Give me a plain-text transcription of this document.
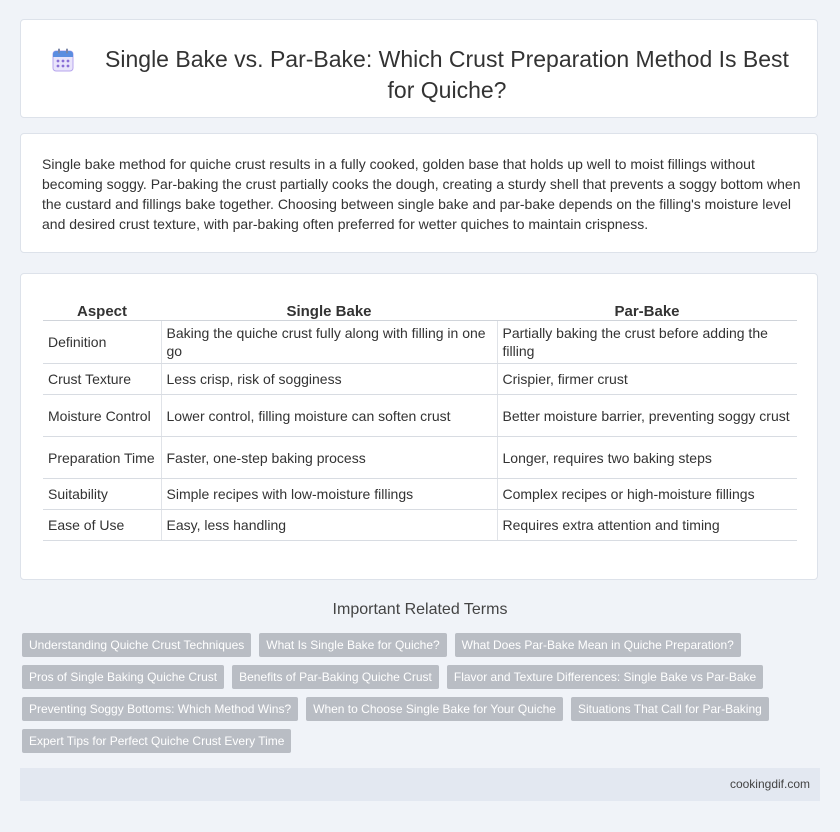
Single Bake vs. Par-Bake: Which Crust Preparation Method Is Best for Quiche?

Single bake method for quiche crust results in a fully cooked, golden base that holds up well to moist fillings without becoming soggy. Par-baking the crust partially cooks the dough, creating a sturdy shell that prevents a soggy bottom when the custard and fillings bake together. Choosing between single bake and par-bake depends on the filling's moisture level and desired crust texture, with par-baking often preferred for wetter quiches to maintain crispness.

Aspect	Single Bake	Par-Bake
Definition	Baking the quiche crust fully along with filling in one go	Partially baking the crust before adding the filling
Crust Texture	Less crisp, risk of sogginess	Crispier, firmer crust
Moisture Control	Lower control, filling moisture can soften crust	Better moisture barrier, preventing soggy crust
Preparation Time	Faster, one-step baking process	Longer, requires two baking steps
Suitability	Simple recipes with low-moisture fillings	Complex recipes or high-moisture fillings
Ease of Use	Easy, less handling	Requires extra attention and timing
Important Related Terms
Understanding Quiche Crust Techniques	What Is Single Bake for Quiche?	What Does Par-Bake Mean in Quiche Preparation?
Pros of Single Baking Quiche Crust	Benefits of Par-Baking Quiche Crust	Flavor and Texture Differences: Single Bake vs Par-Bake
Preventing Soggy Bottoms: Which Method Wins?	When to Choose Single Bake for Your Quiche	Situations That Call for Par-Baking
Expert Tips for Perfect Quiche Crust Every Time
cookingdif.com
